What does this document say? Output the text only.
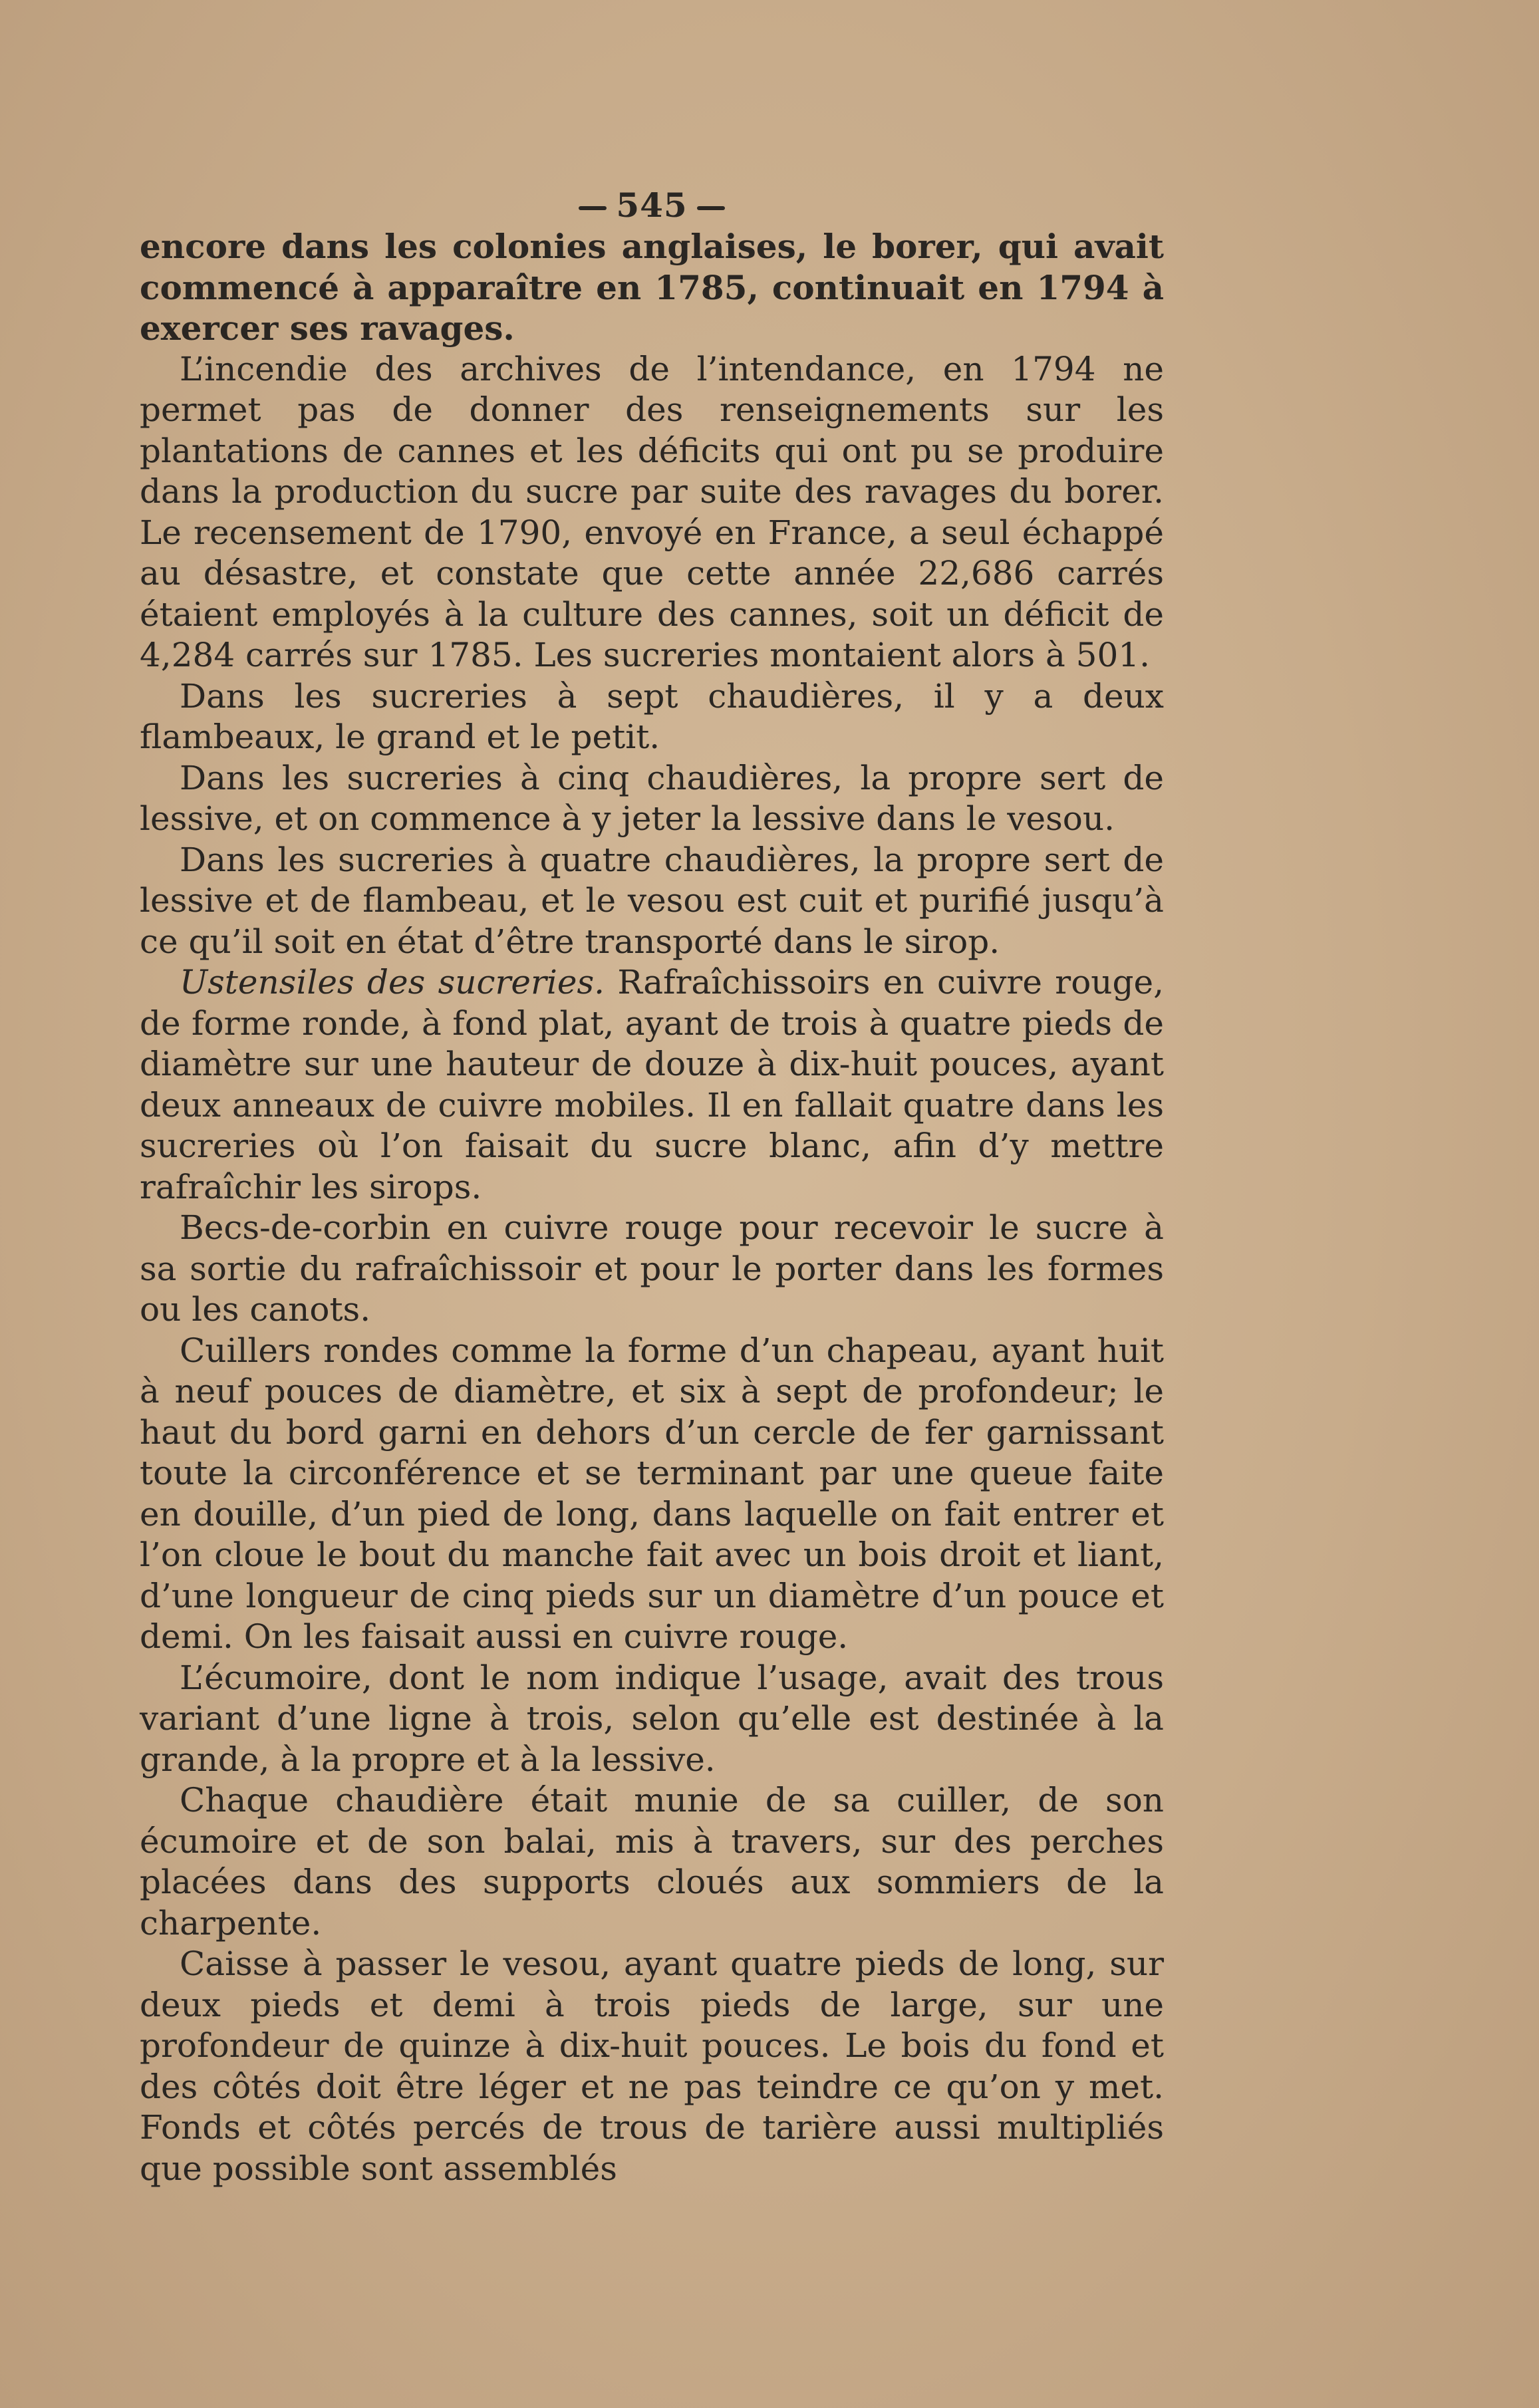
545

encore dans les colonies anglaises, le borer, qui avait commencé à apparaître en 1785, continuait en 1794 à exercer ses ravages.

L’incendie des archives de l’intendance, en 1794 ne permet pas de donner des renseignements sur les plantations de cannes et les déficits qui ont pu se produire dans la production du sucre par suite des ravages du borer. Le recensement de 1790, envoyé en France, a seul échappé au désastre, et constate que cette année 22,686 carrés étaient employés à la culture des cannes, soit un déficit de 4,284 carrés sur 1785. Les sucreries montaient alors à 501.

Dans les sucreries à sept chaudières, il y a deux flambeaux, le grand et le petit.

Dans les sucreries à cinq chaudières, la propre sert de lessive, et on commence à y jeter la lessive dans le vesou.

Dans les sucreries à quatre chaudières, la propre sert de lessive et de flambeau, et le vesou est cuit et purifié jusqu’à ce qu’il soit en état d’être transporté dans le sirop.

Ustensiles des sucreries. Rafraîchissoirs en cuivre rouge, de forme ronde, à fond plat, ayant de trois à quatre pieds de diamètre sur une hauteur de douze à dix-huit pouces, ayant deux anneaux de cuivre mobiles. Il en fallait quatre dans les sucreries où l’on faisait du sucre blanc, afin d’y mettre rafraîchir les sirops.

Becs-de-corbin en cuivre rouge pour recevoir le sucre à sa sortie du rafraîchissoir et pour le porter dans les formes ou les canots.

Cuillers rondes comme la forme d’un chapeau, ayant huit à neuf pouces de diamètre, et six à sept de profondeur; le haut du bord garni en dehors d’un cercle de fer garnissant toute la circonférence et se terminant par une queue faite en douille, d’un pied de long, dans laquelle on fait entrer et l’on cloue le bout du manche fait avec un bois droit et liant, d’une longueur de cinq pieds sur un diamètre d’un pouce et demi. On les faisait aussi en cuivre rouge.

L’écumoire, dont le nom indique l’usage, avait des trous variant d’une ligne à trois, selon qu’elle est destinée à la grande, à la propre et à la lessive.

Chaque chaudière était munie de sa cuiller, de son écumoire et de son balai, mis à travers, sur des perches placées dans des supports cloués aux sommiers de la charpente.

Caisse à passer le vesou, ayant quatre pieds de long, sur deux pieds et demi à trois pieds de large, sur une profondeur de quinze à dix-huit pouces. Le bois du fond et des côtés doit être léger et ne pas teindre ce qu’on y met. Fonds et côtés percés de trous de tarière aussi multipliés que possible sont assemblés
